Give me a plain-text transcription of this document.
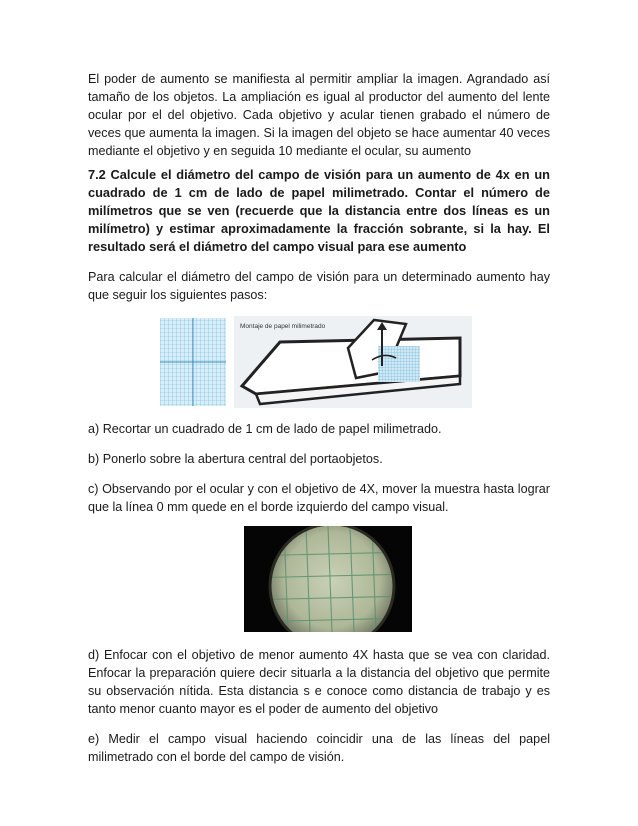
El poder de aumento se manifiesta al permitir ampliar la imagen. Agrandado así tamaño de los objetos. La ampliación es igual al productor del aumento del lente ocular por el del objetivo. Cada objetivo y acular tienen grabado el número de veces que aumenta la imagen. Si la imagen del objeto se hace aumentar 40 veces mediante el objetivo y en seguida 10 mediante el ocular, su aumento

7.2 Calcule el diámetro del campo de visión para un aumento de 4x en un cuadrado de 1 cm de lado de papel milimetrado. Contar el número de milímetros que se ven (recuerde que la distancia entre dos líneas es un milímetro) y estimar aproximadamente la fracción sobrante, si la hay. El resultado será el diámetro del campo visual para ese aumento

Para calcular el diámetro del campo de visión para un determinado aumento hay que seguir los siguientes pasos:

Montaje de papel milimetrado

a) Recortar un cuadrado de 1 cm de lado de papel milimetrado.

b) Ponerlo sobre la abertura central del portaobjetos.

c) Observando por el ocular y con el objetivo de 4X, mover la muestra hasta lograr que la línea 0 mm quede en el borde izquierdo del campo visual.

d) Enfocar con el objetivo de menor aumento 4X hasta que se vea con claridad. Enfocar la preparación quiere decir situarla a la distancia del objetivo que permite su observación nítida. Esta distancia s e conoce como distancia de trabajo y es tanto menor cuanto mayor es el poder de aumento del objetivo

e) Medir el campo visual haciendo coincidir una de las líneas del papel milimetrado con el borde del campo de visión.
